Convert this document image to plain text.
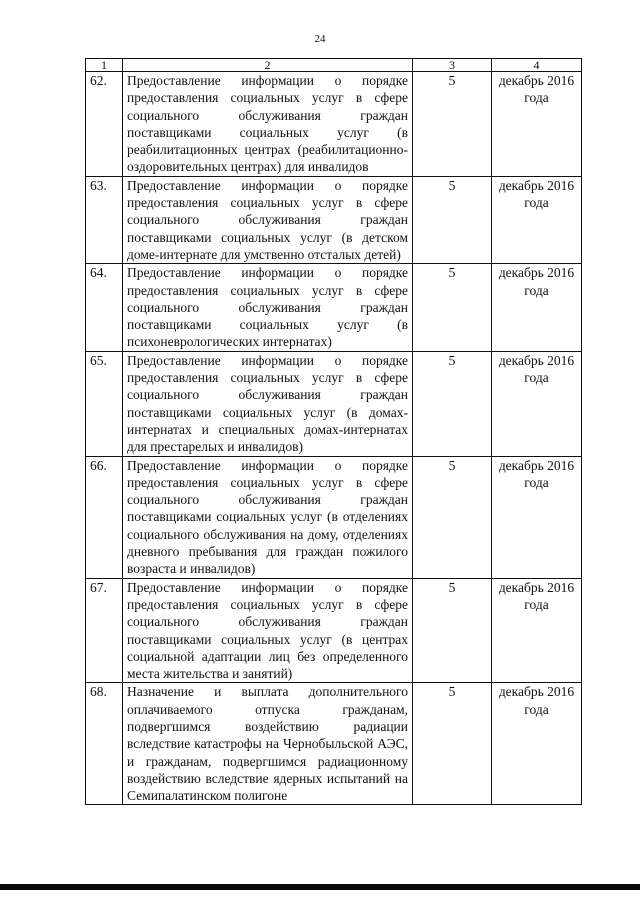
24
1	2	3	4
62.	Предоставление информации о порядке предоставления социальных услуг в сфере социального обслуживания граждан поставщиками социальных услуг (в реабилитационных центрах (реабилитационно-оздоровительных центрах) для инвалидов	5	декабрь 2016 года
63.	Предоставление информации о порядке предоставления социальных услуг в сфере социального обслуживания граждан поставщиками социальных услуг (в детском доме-интернате для умственно отсталых детей)	5	декабрь 2016 года
64.	Предоставление информации о порядке предоставления социальных услуг в сфере социального обслуживания граждан поставщиками социальных услуг (в психоневрологических интернатах)	5	декабрь 2016 года
65.	Предоставление информации о порядке предоставления социальных услуг в сфере социального обслуживания граждан поставщиками социальных услуг (в домах-интернатах и специальных домах-интернатах для престарелых и инвалидов)	5	декабрь 2016 года
66.	Предоставление информации о порядке предоставления социальных услуг в сфере социального обслуживания граждан поставщиками социальных услуг (в отделениях социального обслуживания на дому, отделениях дневного пребывания для граждан пожилого возраста и инвалидов)	5	декабрь 2016 года
67.	Предоставление информации о порядке предоставления социальных услуг в сфере социального обслуживания граждан поставщиками социальных услуг (в центрах социальной адаптации лиц без определенного места жительства и занятий)	5	декабрь 2016 года
68.	Назначение и выплата дополнительного оплачиваемого отпуска гражданам, подвергшимся воздействию радиации вследствие катастрофы на Чернобыльской АЭС, и гражданам, подвергшимся радиационному воздействию вследствие ядерных испытаний на Семипалатинском полигоне	5	декабрь 2016 года
